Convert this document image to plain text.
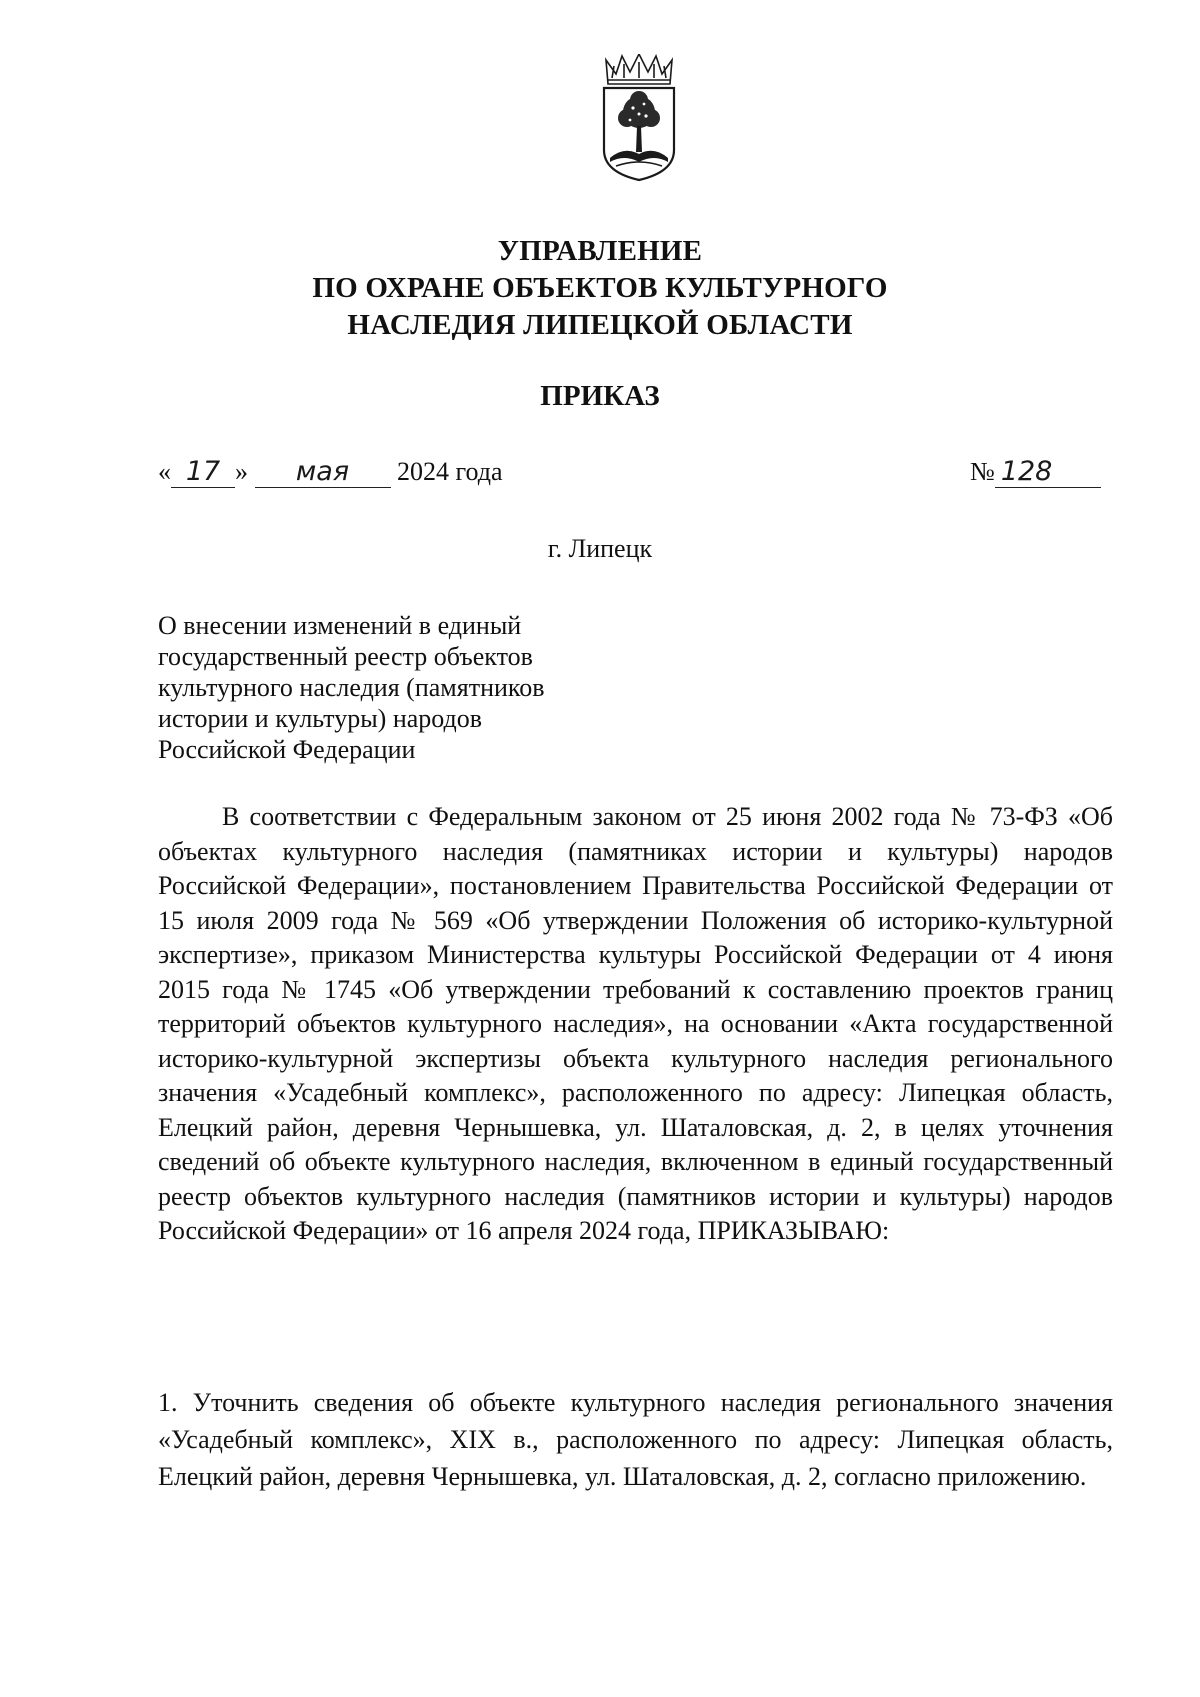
УПРАВЛЕНИЕ
ПО ОХРАНЕ ОБЪЕКТОВ КУЛЬТУРНОГО
НАСЛЕДИЯ ЛИПЕЦКОЙ ОБЛАСТИ
ПРИКАЗ
« 17 » мая 2024 года	№ 128
г. Липецк
О внесении изменений в единый
государственный реестр объектов
культурного наследия (памятников
истории и культуры) народов
Российской Федерации

В соответствии с Федеральным законом от 25 июня 2002 года № 73-ФЗ «Об объектах культурного наследия (памятниках истории и культуры) народов Российской Федерации», постановлением Правительства Российской Федерации от 15 июля 2009 года № 569 «Об утверждении Положения об историко-культурной экспертизе», приказом Министерства культуры Российской Федерации от 4 июня 2015 года № 1745 «Об утверждении требований к составлению проектов границ территорий объектов культурного наследия», на основании «Акта государственной историко-культурной экспертизы объекта культурного наследия регионального значения «Усадебный комплекс», расположенного по адресу: Липецкая область, Елецкий район, деревня Чернышевка, ул. Шаталовская, д. 2, в целях уточнения сведений об объекте культурного наследия, включенном в единый государственный реестр объектов культурного наследия (памятников истории и культуры) народов Российской Федерации» от 16 апреля 2024 года, ПРИКАЗЫВАЮ:

1. Уточнить сведения об объекте культурного наследия регионального значения «Усадебный комплекс», XIX в., расположенного по адресу: Липецкая область, Елецкий район, деревня Чернышевка, ул. Шаталовская, д. 2, согласно приложению.
